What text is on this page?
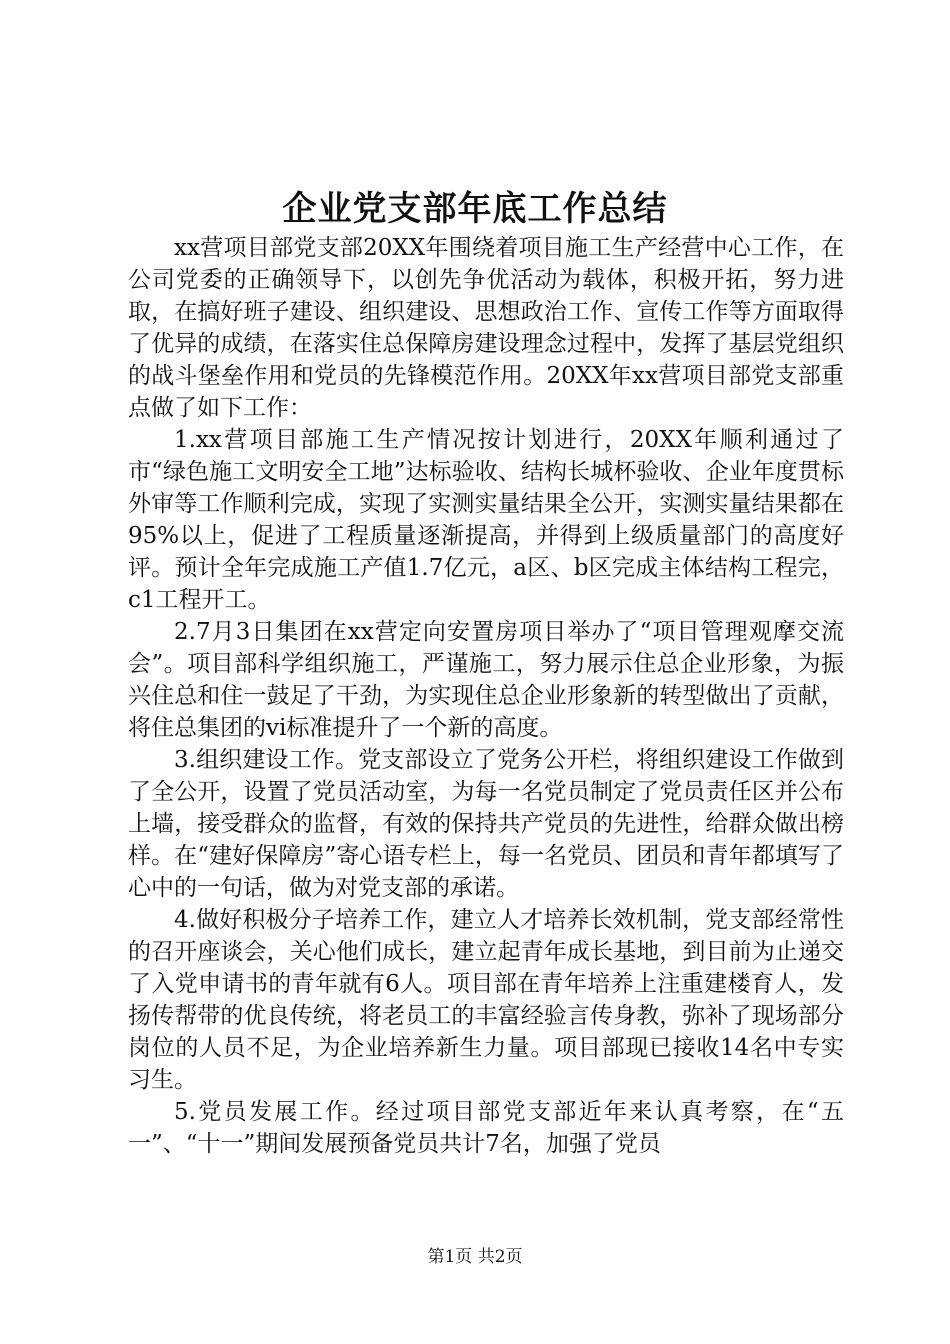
企业党支部年底工作总结

xx营项目部党支部20XX年围绕着项目施工生产经营中心工作，在公司党委的正确领导下，以创先争优活动为载体，积极开拓，努力进取，在搞好班子建设、组织建设、思想政治工作、宣传工作等方面取得了优异的成绩，在落实住总保障房建设理念过程中，发挥了基层党组织的战斗堡垒作用和党员的先锋模范作用。20XX年xx营项目部党支部重点做了如下工作：

1.xx营项目部施工生产情况按计划进行，20XX年顺利通过了市“绿色施工文明安全工地”达标验收、结构长城杯验收、企业年度贯标外审等工作顺利完成，实现了实测实量结果全公开，实测实量结果都在95%以上，促进了工程质量逐渐提高，并得到上级质量部门的高度好评。预计全年完成施工产值1.7亿元，a区、b区完成主体结构工程完，c1工程开工。

2.7月3日集团在xx营定向安置房项目举办了“项目管理观摩交流会”。项目部科学组织施工，严谨施工，努力展示住总企业形象，为振兴住总和住一鼓足了干劲，为实现住总企业形象新的转型做出了贡献，将住总集团的vi标准提升了一个新的高度。

3.组织建设工作。党支部设立了党务公开栏，将组织建设工作做到了全公开，设置了党员活动室，为每一名党员制定了党员责任区并公布上墙，接受群众的监督，有效的保持共产党员的先进性，给群众做出榜样。在“建好保障房”寄心语专栏上，每一名党员、团员和青年都填写了心中的一句话，做为对党支部的承诺。

4.做好积极分子培养工作，建立人才培养长效机制，党支部经常性的召开座谈会，关心他们成长，建立起青年成长基地，到目前为止递交了入党申请书的青年就有6人。项目部在青年培养上注重建楼育人，发扬传帮带的优良传统，将老员工的丰富经验言传身教，弥补了现场部分岗位的人员不足，为企业培养新生力量。项目部现已接收14名中专实习生。

5.党员发展工作。经过项目部党支部近年来认真考察，在“五一”、“十一”期间发展预备党员共计7名，加强了党员

第1页 共2页
